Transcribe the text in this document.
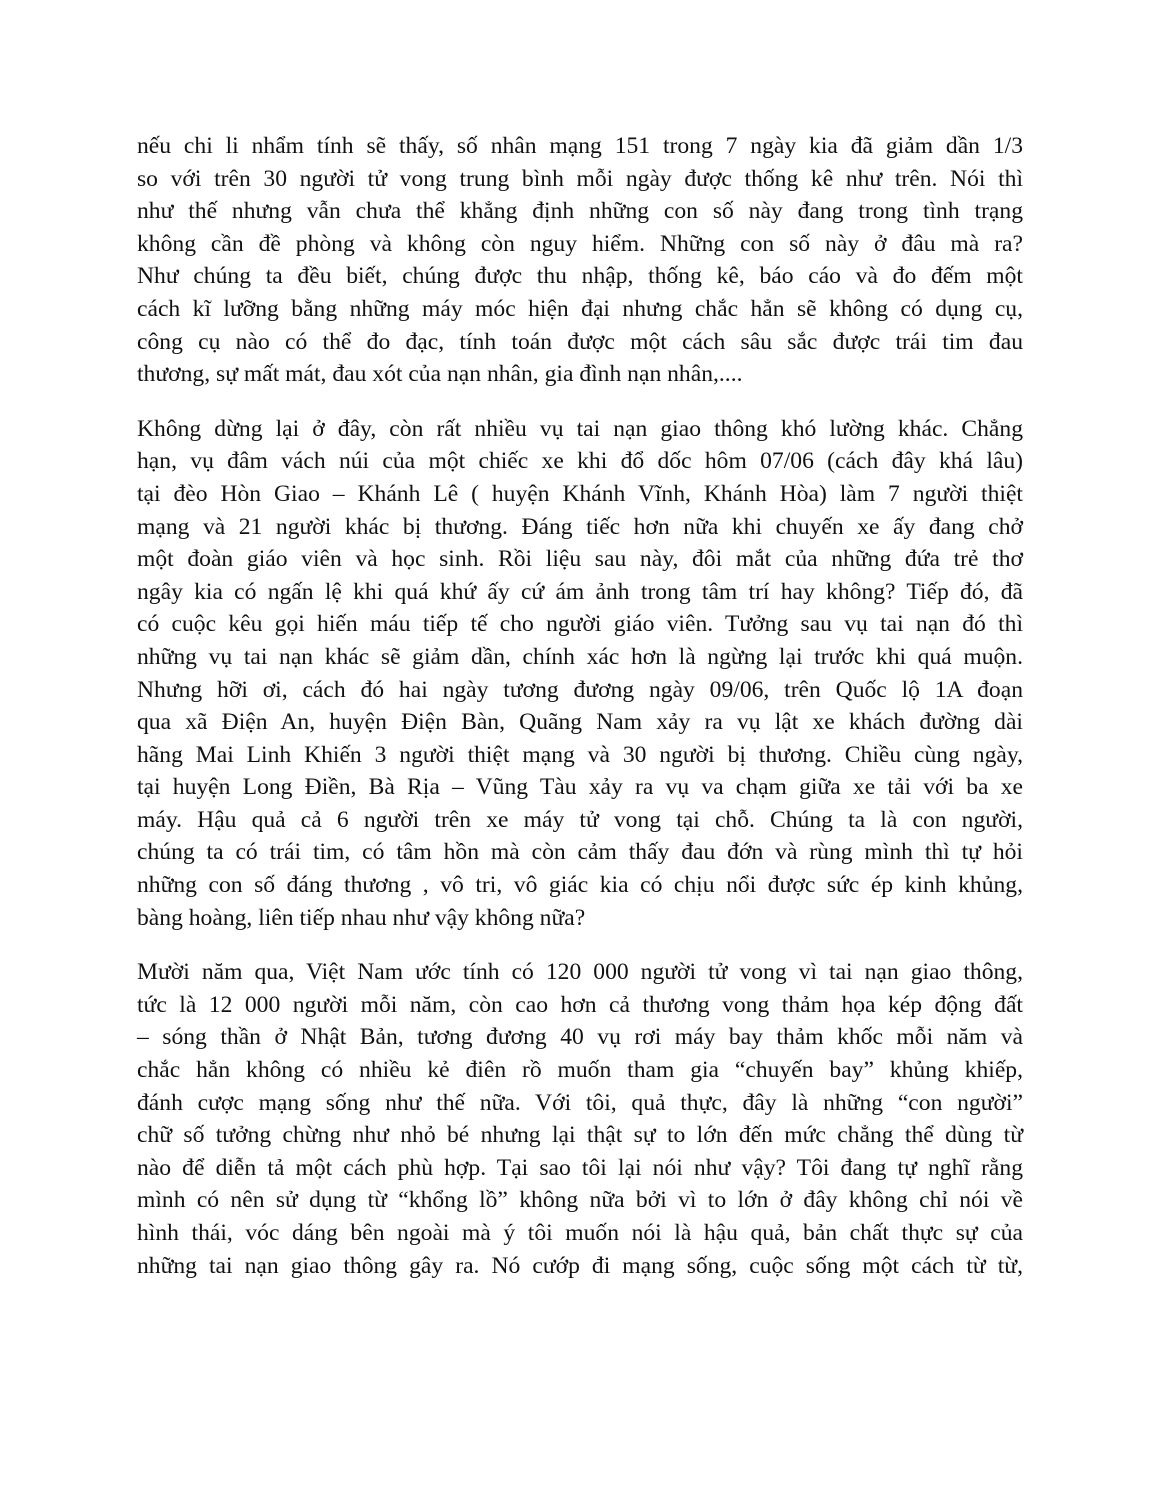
nếu chi li nhẩm tính sẽ thấy, số nhân mạng 151 trong 7 ngày kia đã giảm dần 1/3
so với trên 30 người tử vong trung bình mỗi ngày được thống kê như trên. Nói thì
như thế nhưng vẫn chưa thể khẳng định những con số này đang trong tình trạng
không cần đề phòng và không còn nguy hiểm. Những con số này ở đâu mà ra?
Như chúng ta đều biết, chúng được thu nhập, thống kê, báo cáo và đo đếm một
cách kĩ lưỡng bằng những máy móc hiện đại nhưng chắc hẳn sẽ không có dụng cụ,
công cụ nào có thể đo đạc, tính toán được một cách sâu sắc được trái tim đau
thương, sự mất mát, đau xót của nạn nhân, gia đình nạn nhân,....
Không dừng lại ở đây, còn rất nhiều vụ tai nạn giao thông khó lường khác. Chẳng
hạn, vụ đâm vách núi của một chiếc xe khi đổ dốc hôm 07/06 (cách đây khá lâu)
tại đèo Hòn Giao – Khánh Lê ( huyện Khánh Vĩnh, Khánh Hòa) làm 7 người thiệt
mạng và 21 người khác bị thương. Đáng tiếc hơn nữa khi chuyến xe ấy đang chở
một đoàn giáo viên và học sinh. Rồi liệu sau này, đôi mắt của những đứa trẻ thơ
ngây kia có ngấn lệ khi quá khứ ấy cứ ám ảnh trong tâm trí hay không? Tiếp đó, đã
có cuộc kêu gọi hiến máu tiếp tế cho người giáo viên. Tưởng sau vụ tai nạn đó thì
những vụ tai nạn khác sẽ giảm dần, chính xác hơn là ngừng lại trước khi quá muộn.
Nhưng hỡi ơi, cách đó hai ngày tương đương ngày 09/06, trên Quốc lộ 1A đoạn
qua xã Điện An, huyện Điện Bàn, Quãng Nam xảy ra vụ lật xe khách đường dài
hãng Mai Linh Khiến 3 người thiệt mạng và 30 người bị thương. Chiều cùng ngày,
tại huyện Long Điền, Bà Rịa – Vũng Tàu xảy ra vụ va chạm giữa xe tải với ba xe
máy. Hậu quả cả 6 người trên xe máy tử vong tại chỗ. Chúng ta là con người,
chúng ta có trái tim, có tâm hồn mà còn cảm thấy đau đớn và rùng mình thì tự hỏi
những con số đáng thương , vô tri, vô giác kia có chịu nổi được sức ép kinh khủng,
bàng hoàng, liên tiếp nhau như vậy không nữa?
Mười năm qua, Việt Nam ước tính có 120 000 người tử vong vì tai nạn giao thông,
tức là 12 000 người mỗi năm, còn cao hơn cả thương vong thảm họa kép động đất
– sóng thần ở Nhật Bản, tương đương 40 vụ rơi máy bay thảm khốc mỗi năm và
chắc hẳn không có nhiều kẻ điên rồ muốn tham gia “chuyến bay” khủng khiếp,
đánh cược mạng sống như thế nữa. Với tôi, quả thực, đây là những “con người”
chữ số tưởng chừng như nhỏ bé nhưng lại thật sự to lớn đến mức chẳng thể dùng từ
nào để diễn tả một cách phù hợp. Tại sao tôi lại nói như vậy? Tôi đang tự nghĩ rằng
mình có nên sử dụng từ “khổng lồ” không nữa bởi vì to lớn ở đây không chỉ nói về
hình thái, vóc dáng bên ngoài mà ý tôi muốn nói là hậu quả, bản chất thực sự của
những tai nạn giao thông gây ra. Nó cướp đi mạng sống, cuộc sống một cách từ từ,
